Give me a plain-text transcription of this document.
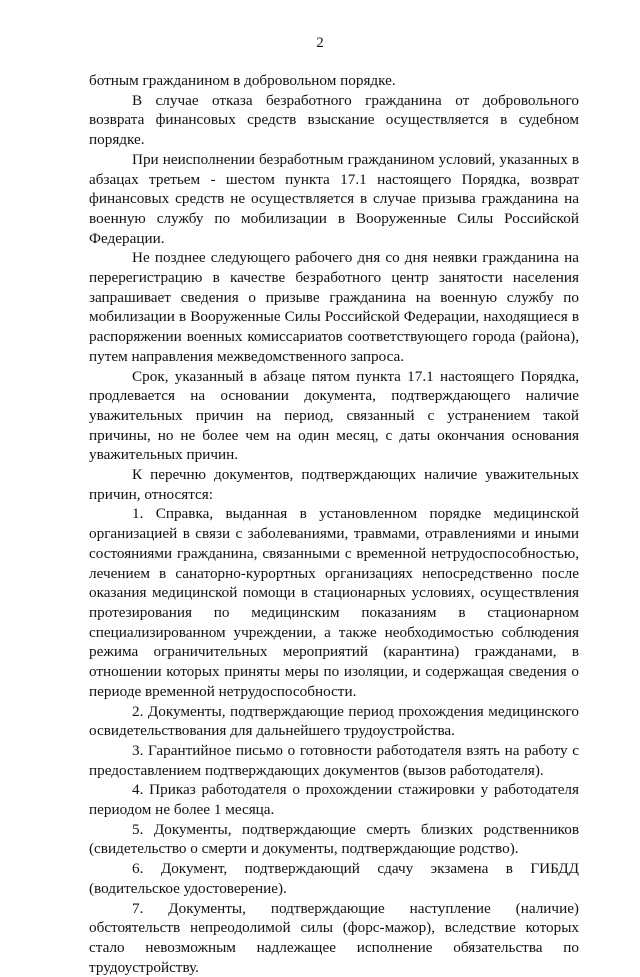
2

ботным гражданином в добровольном порядке.

В случае отказа безработного гражданина от добровольного возврата финансовых средств взыскание осуществляется в судебном порядке.

При неисполнении безработным гражданином условий, указанных в абзацах третьем - шестом пункта 17.1 настоящего Порядка, возврат финансовых средств не осуществляется в случае призыва гражданина на военную службу по мобилизации в Вооруженные Силы Российской Федерации.

Не позднее следующего рабочего дня со дня неявки гражданина на перерегистрацию в качестве безработного центр занятости населения запрашивает сведения о призыве гражданина на военную службу по мобилизации в Вооруженные Силы Российской Федерации, находящиеся в распоряжении военных комиссариатов соответствующего города (района), путем направления межведомственного запроса.

Срок, указанный в абзаце пятом пункта 17.1 настоящего Порядка, продлевается на основании документа, подтверждающего наличие уважительных причин на период, связанный с устранением такой причины, но не более чем на один месяц, с даты окончания основания уважительных причин.

К перечню документов, подтверждающих наличие уважительных причин, относятся:

1. Справка, выданная в установленном порядке медицинской организацией в связи с заболеваниями, травмами, отравлениями и иными состояниями гражданина, связанными с временной нетрудоспособностью, лечением в санаторно-курортных организациях непосредственно после оказания медицинской помощи в стационарных условиях, осуществления протезирования по медицинским показаниям в стационарном специализированном учреждении, а также необходимостью соблюдения режима ограничительных мероприятий (карантина) гражданами, в отношении которых приняты меры по изоляции, и содержащая сведения о периоде временной нетрудоспособности.

2. Документы, подтверждающие период прохождения медицинского освидетельствования для дальнейшего трудоустройства.

3. Гарантийное письмо о готовности работодателя взять на работу с предоставлением подтверждающих документов (вызов работодателя).

4. Приказ работодателя о прохождении стажировки у работодателя периодом не более 1 месяца.

5. Документы, подтверждающие смерть близких родственников (свидетельство о смерти и документы, подтверждающие родство).

6. Документ, подтверждающий сдачу экзамена в ГИБДД (водительское удостоверение).

7. Документы, подтверждающие наступление (наличие) обстоятельств непреодолимой силы (форс-мажор), вследствие которых стало невозможным надлежащее исполнение обязательства по трудоустройству.
